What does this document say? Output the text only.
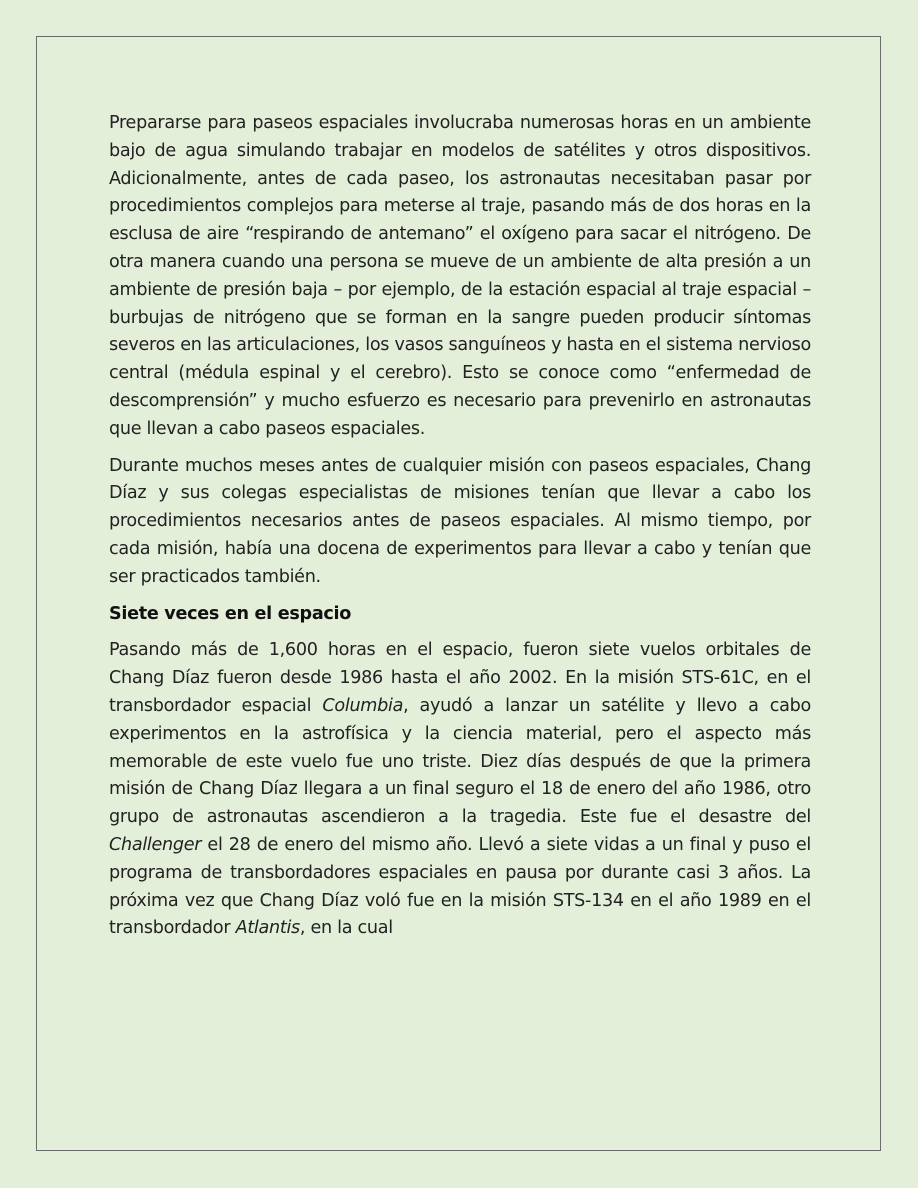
Prepararse para paseos espaciales involucraba numerosas horas en un ambiente bajo de agua simulando trabajar en modelos de satélites y otros dispositivos. Adicionalmente, antes de cada paseo, los astronautas necesitaban pasar por procedimientos complejos para meterse al traje, pasando más de dos horas en la esclusa de aire “respirando de antemano” el oxígeno para sacar el nitrógeno. De otra manera cuando una persona se mueve de un ambiente de alta presión a un ambiente de presión baja – por ejemplo, de la estación espacial al traje espacial – burbujas de nitrógeno que se forman en la sangre pueden producir síntomas severos en las articulaciones, los vasos sanguíneos y hasta en el sistema nervioso central (médula espinal y el cerebro). Esto se conoce como “enfermedad de descomprensión” y mucho esfuerzo es necesario para prevenirlo en astronautas que llevan a cabo paseos espaciales.

Durante muchos meses antes de cualquier misión con paseos espaciales, Chang Díaz y sus colegas especialistas de misiones tenían que llevar a cabo los procedimientos necesarios antes de paseos espaciales. Al mismo tiempo, por cada misión, había una docena de experimentos para llevar a cabo y tenían que ser practicados también.

Siete veces en el espacio

Pasando más de 1,600 horas en el espacio, fueron siete vuelos orbitales de Chang Díaz fueron desde 1986 hasta el año 2002. En la misión STS-61C, en el transbordador espacial Columbia, ayudó a lanzar un satélite y llevo a cabo experimentos en la astrofísica y la ciencia material, pero el aspecto más memorable de este vuelo fue uno triste. Diez días después de que la primera misión de Chang Díaz llegara a un final seguro el 18 de enero del año 1986, otro grupo de astronautas ascendieron a la tragedia. Este fue el desastre del Challenger el 28 de enero del mismo año. Llevó a siete vidas a un final y puso el programa de transbordadores espaciales en pausa por durante casi 3 años. La próxima vez que Chang Díaz voló fue en la misión STS-134 en el año 1989 en el transbordador Atlantis, en la cual
